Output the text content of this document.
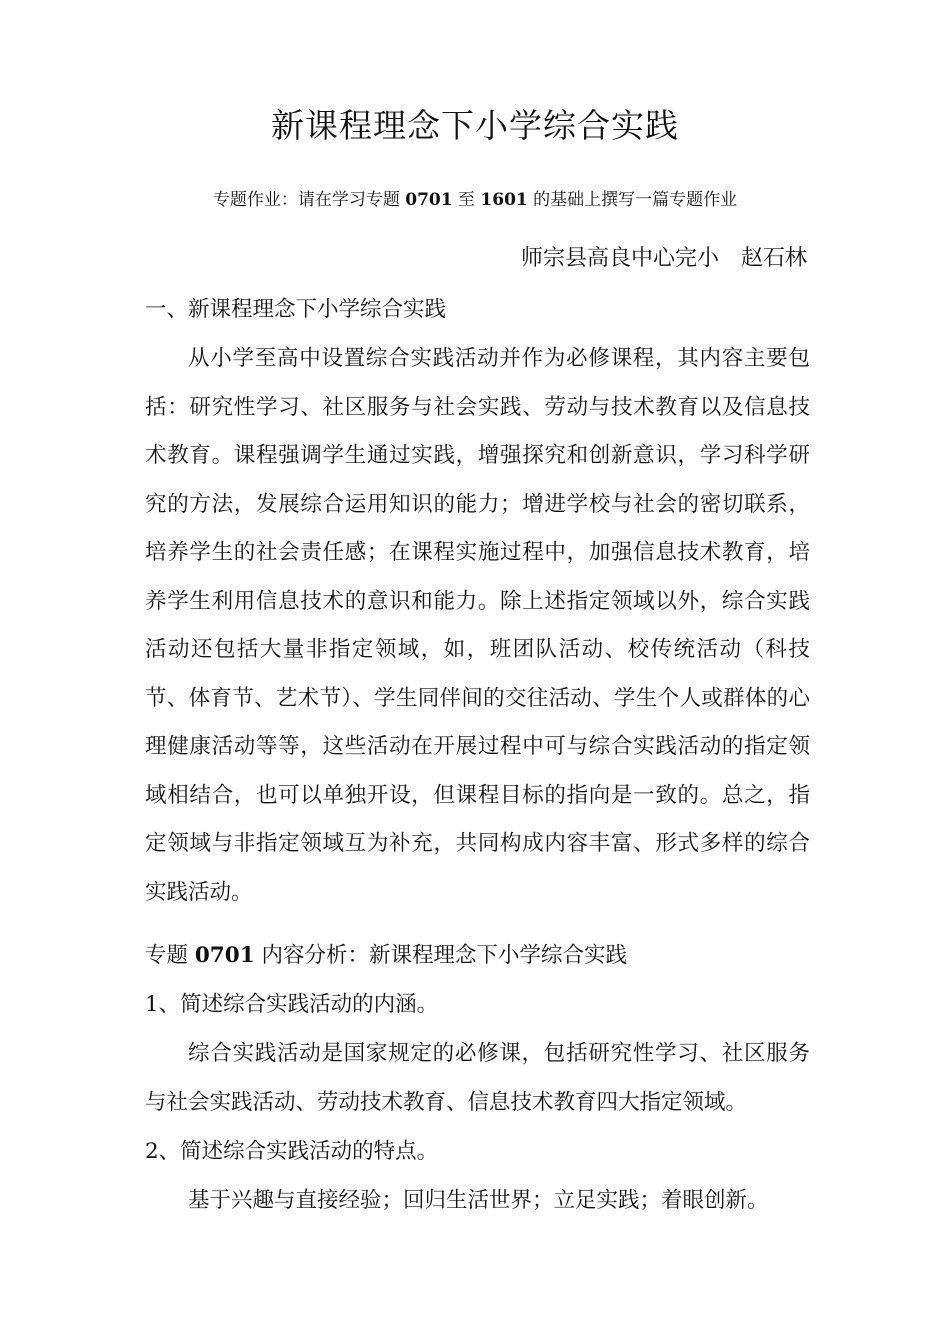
新课程理念下小学综合实践
专题作业：请在学习专题 0701 至 1601 的基础上撰写一篇专题作业
师宗县高良中心完小　赵石林

一、新课程理念下小学综合实践

从小学至高中设置综合实践活动并作为必修课程，其内容主要包括：研究性学习、社区服务与社会实践、劳动与技术教育以及信息技术教育。课程强调学生通过实践，增强探究和创新意识，学习科学研究的方法，发展综合运用知识的能力；增进学校与社会的密切联系，培养学生的社会责任感；在课程实施过程中，加强信息技术教育，培养学生利用信息技术的意识和能力。除上述指定领域以外，综合实践活动还包括大量非指定领域，如，班团队活动、校传统活动（科技节、体育节、艺术节）、学生同伴间的交往活动、学生个人或群体的心理健康活动等等，这些活动在开展过程中可与综合实践活动的指定领域相结合，也可以单独开设，但课程目标的指向是一致的。总之，指定领域与非指定领域互为补充，共同构成内容丰富、形式多样的综合实践活动。

专题 0701 内容分析：新课程理念下小学综合实践

1、简述综合实践活动的内涵。

综合实践活动是国家规定的必修课，包括研究性学习、社区服务与社会实践活动、劳动技术教育、信息技术教育四大指定领域。

2、简述综合实践活动的特点。

基于兴趣与直接经验；回归生活世界；立足实践；着眼创新。
